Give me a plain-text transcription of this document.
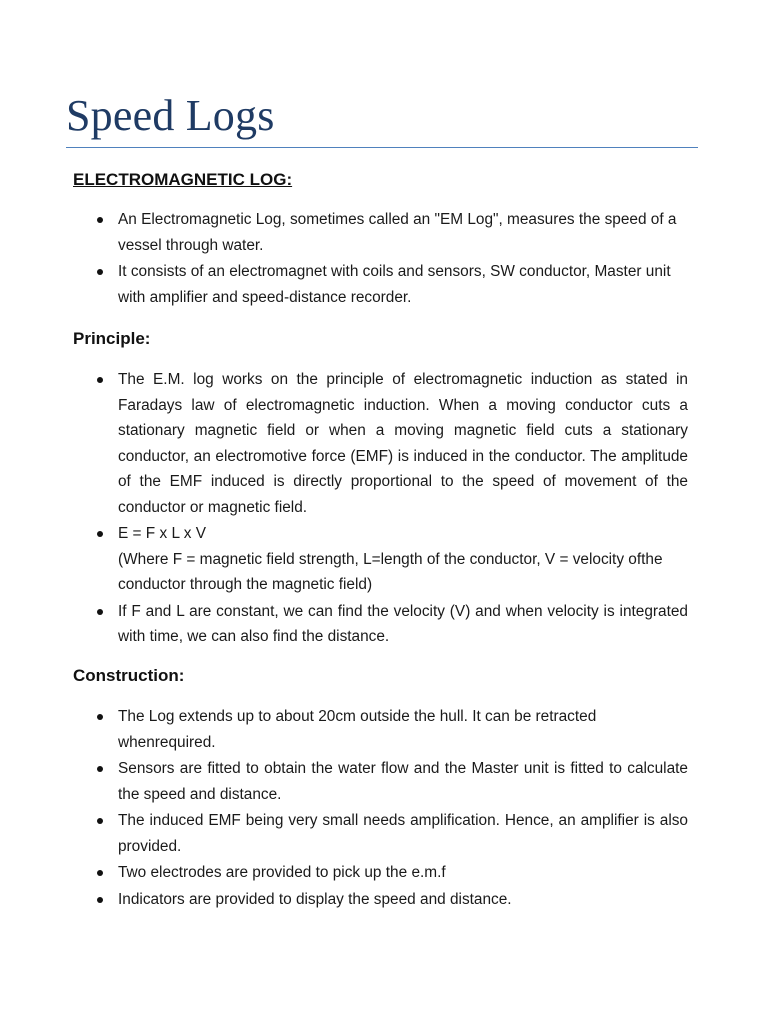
Speed Logs
ELECTROMAGNETIC LOG:
An Electromagnetic Log, sometimes called an "EM Log", measures the speed of a vessel through water.
It consists of an electromagnet with coils and sensors, SW conductor, Master unit with amplifier and speed-distance recorder.
Principle:
The E.M. log works on the principle of electromagnetic induction as stated in Faradays law of electromagnetic induction. When a moving conductor cuts a stationary magnetic field or when a moving magnetic field cuts a stationary conductor, an electromotive force (EMF) is induced in the conductor. The amplitude of the EMF induced is directly proportional to the speed of movement of the conductor or magnetic field.
E = F x L x V
(Where F = magnetic field strength, L=length of the conductor, V = velocity ofthe conductor through the magnetic field)
If F and L are constant, we can find the velocity (V) and when velocity is integrated with time, we can also find the distance.
Construction:
The Log extends up to about 20cm outside the hull. It can be retracted whenrequired.
Sensors are fitted to obtain the water flow and the Master unit is fitted to calculate the speed and distance.
The induced EMF being very small needs amplification. Hence, an amplifier is also provided.
Two electrodes are provided to pick up the e.m.f
Indicators are provided to display the speed and distance.
